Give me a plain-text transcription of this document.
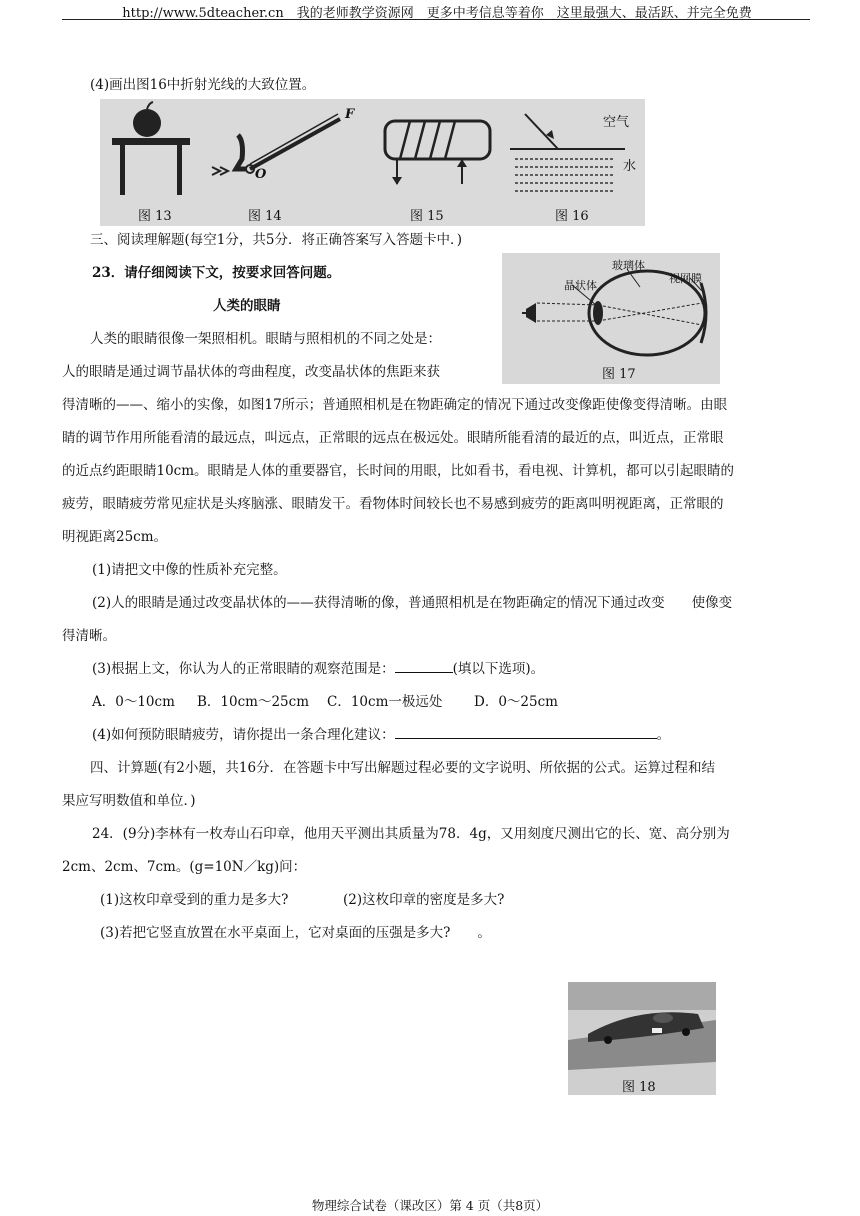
http://www.5dteacher.cn　我的老师教学资源网　更多中考信息等着你　这里最强大、最活跃、并完全免费
(4)画出图16中折射光线的大致位置。
图 13	图 14	图 15	图 16
空气
水
F
O
三、阅读理解题(每空1分，共5分．将正确答案写入答题卡中．)
23．请仔细阅读下文，按要求回答问题。
人类的眼睛
晶状体
玻璃体
视网膜
图 17
人类的眼睛很像一架照相机。眼睛与照相机的不同之处是：
人的眼睛是通过调节晶状体的弯曲程度，改变晶状体的焦距来获
得清晰的——、缩小的实像，如图17所示；普通照相机是在物距确定的情况下通过改变像距使像变得清晰。由眼
睛的调节作用所能看清的最远点，叫远点，正常眼的远点在极远处。眼睛所能看清的最近的点，叫近点，正常眼
的近点约距眼睛10cm。眼睛是人体的重要器官，长时间的用眼，比如看书，看电视、计算机，都可以引起眼睛的
疲劳，眼睛疲劳常见症状是头疼脑涨、眼睛发干。看物体时间较长也不易感到疲劳的距离叫明视距离，正常眼的
明视距离25cm。
(1)请把文中像的性质补充完整。
(2)人的眼睛是通过改变晶状体的——获得清晰的像，普通照相机是在物距确定的情况下通过改变　　使像变
得清晰。
(3)根据上文，你认为人的正常眼睛的观察范围是：	(填以下选项)。
A．0～10cm B．10cm～25cm C．10cm一极远处 D．0～25cm
(4)如何预防眼睛疲劳，请你提出一条合理化建议：	。
四、计算题(有2小题，共16分．在答题卡中写出解题过程必要的文字说明、所依据的公式。运算过程和结
果应写明数值和单位．)
24．(9分)李林有一枚寿山石印章，他用天平测出其质量为78．4g，又用刻度尺测出它的长、宽、高分别为
2cm、2cm、7cm。(g=10N／kg)问：
(1)这枚印章受到的重力是多大?	(2)这枚印章的密度是多大?
(3)若把它竖直放置在水平桌面上，它对桌面的压强是多大?　　。
图 18
物理综合试卷（课改区）第 4 页（共8页）
